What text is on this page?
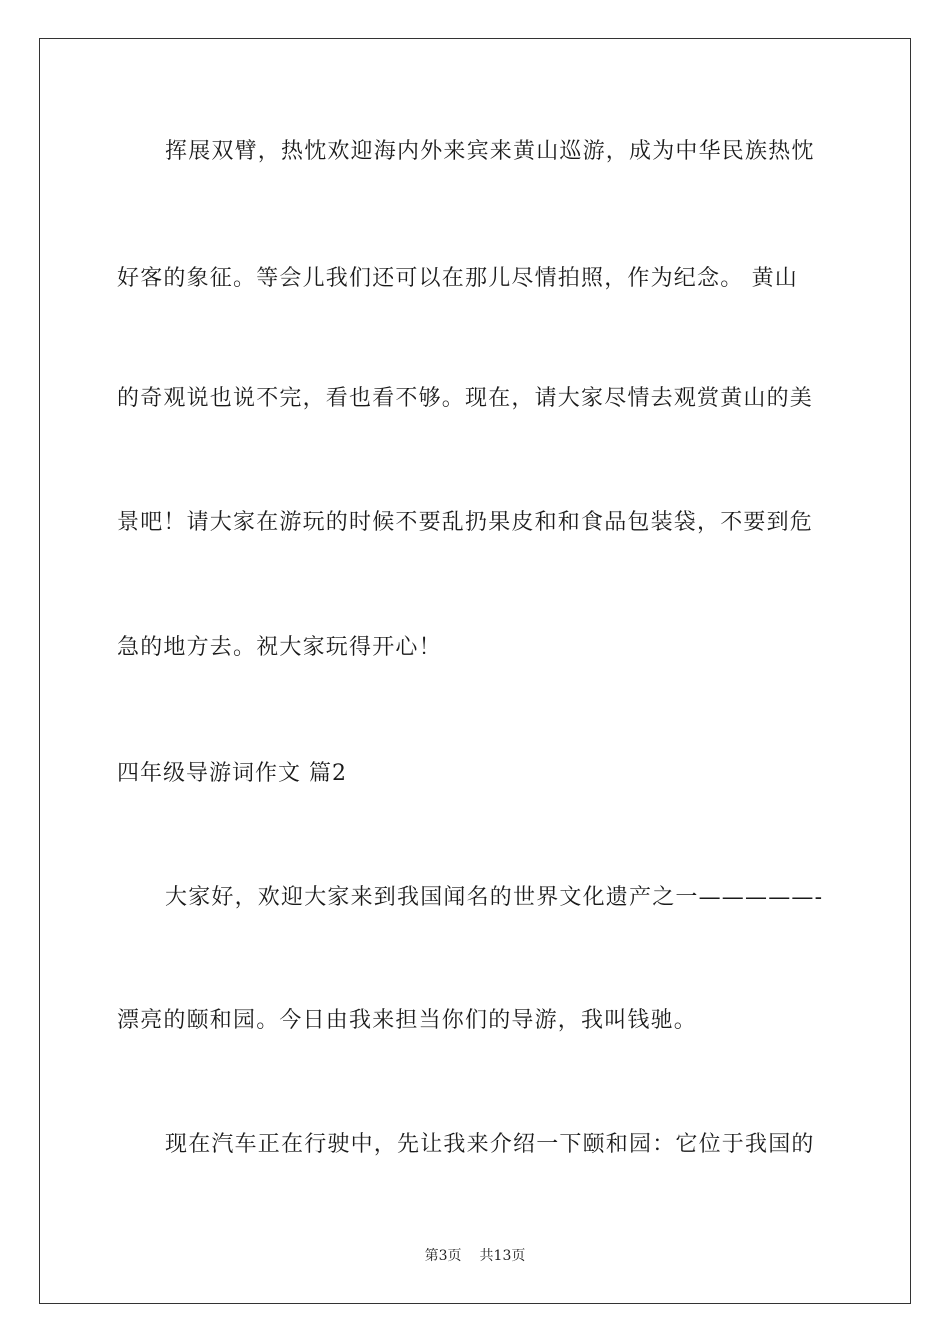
挥展双臂，热忱欢迎海内外来宾来黄山巡游，成为中华民族热忱
好客的象征。等会儿我们还可以在那儿尽情拍照，作为纪念。 黄山
的奇观说也说不完，看也看不够。现在，请大家尽情去观赏黄山的美
景吧！请大家在游玩的时候不要乱扔果皮和和食品包装袋，不要到危
急的地方去。祝大家玩得开心！
四年级导游词作文 篇2
大家好，欢迎大家来到我国闻名的世界文化遗产之一—————-
漂亮的颐和园。今日由我来担当你们的导游，我叫钱驰。
现在汽车正在行驶中，先让我来介绍一下颐和园：它位于我国的
第3页 共13页
